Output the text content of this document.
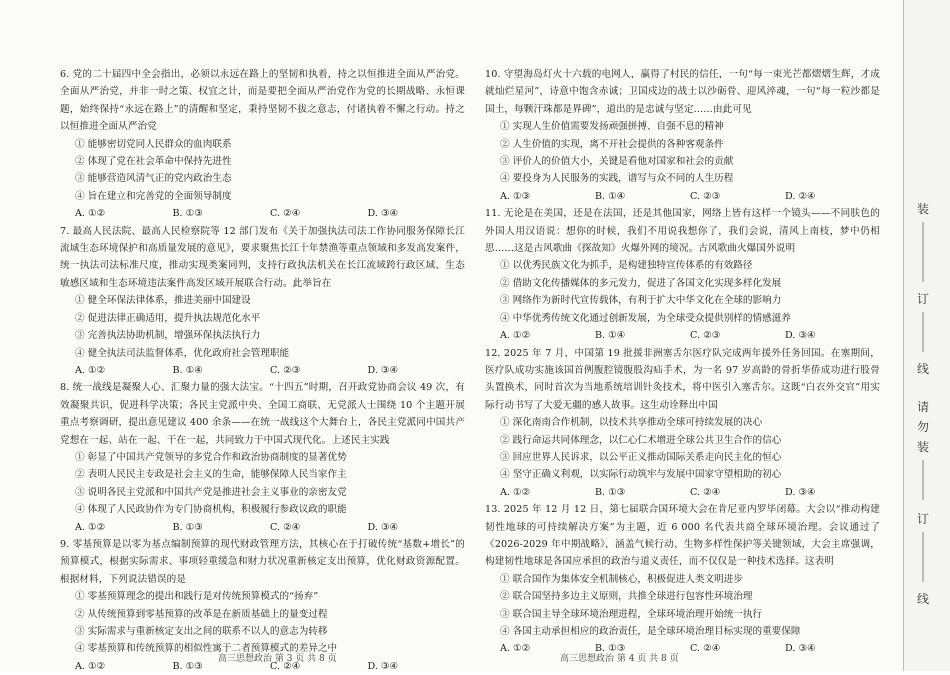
6. 党的二十届四中全会指出，必须以永远在路上的坚韧和执着，持之以恒推进全面从严治党。全面从严治党，并非一时之策、权宜之计，而是要把全面从严治党作为党的长期战略、永恒课题，始终保持“永远在路上”的清醒和坚定，秉持坚韧不拔之意志，付诸执着不懈之行动。持之以恒推进全面从严治党
① 能够密切党同人民群众的血肉联系
② 体现了党在社会革命中保持先进性
③ 能够营造风清气正的党内政治生态
④ 旨在建立和完善党的全面领导制度
A. ①②	B. ①③	C. ②④	D. ③④
7. 最高人民法院、最高人民检察院等 12 部门发布《关于加强执法司法工作协同服务保障长江流域生态环境保护和高质量发展的意见》，要求聚焦长江十年禁渔等重点领域和多发高发案件，统一执法司法标准尺度，推动实现类案同判，支持行政执法机关在长江流域跨行政区域、生态敏感区域和生态环境违法案件高发区域开展联合行动。此举旨在
① 健全环保法律体系，推进美丽中国建设
② 促进法律正确适用，提升执法规范化水平
③ 完善执法协助机制，增强环保执法执行力
④ 健全执法司法监督体系，优化政府社会管理职能
A. ①②	B. ①④	C. ②③	D. ③④
8. 统一战线是凝聚人心、汇聚力量的强大法宝。“十四五”时期，召开政党协商会议 49 次，有效凝聚共识，促进科学决策；各民主党派中央、全国工商联、无党派人士围绕 10 个主题开展重点考察调研，提出意见建议 400 余条——在统一战线这个大舞台上，各民主党派同中国共产党想在一起、站在一起、干在一起，共同致力于中国式现代化。上述民主实践
① 彰显了中国共产党领导的多党合作和政治协商制度的显著优势
② 表明人民民主专政是社会主义的生命，能够保障人民当家作主
③ 说明各民主党派和中国共产党是推进社会主义事业的亲密友党
④ 体现了人民政协作为专门协商机构，积极履行参政议政的职能
A. ①②	B. ①③	C. ②④	D. ③④
9. 零基预算是以零为基点编制预算的现代财政管理方法，其核心在于打破传统“基数+增长”的预算模式，根据实际需求、事项轻重缓急和财力状况重新核定支出预算，优化财政资源配置。根据材料，下列说法错误的是
① 零基预算理念的提出和践行是对传统预算模式的“扬弃”
② 从传统预算到零基预算的改革是在新质基础上的量变过程
③ 实际需求与重新核定支出之间的联系不以人的意志为转移
④ 零基预算和传统预算的相似性寓于二者预算模式的差异之中
A. ①②	B. ①③	C. ②④	D. ③④
10. 守望海岛灯火十六载的电网人，赢得了村民的信任，一句“每一束光芒都熠熠生辉，才成就灿烂星河”，诗意中饱含赤诚；卫国戍边的战士以沙砺骨、迎风淬魂，一句“每一粒沙都是国土，每颗汗珠都是界碑”，道出的是忠诚与坚定……由此可见
① 实现人生价值需要发扬顽强拼搏、自强不息的精神
② 人生价值的实现，离不开社会提供的各种客观条件
③ 评价人的价值大小，关键是看他对国家和社会的贡献
④ 要投身为人民服务的实践，谱写与众不同的人生历程
A. ①③	B. ①④	C. ②③	D. ②④
11. 无论是在美国，还是在法国，还是其他国家，网络上皆有这样一个镜头——不同肤色的外国人用汉语说：想你的时候，我们不用说我想你了，我们会说，清风上南枝，梦中仍相思……这是古风歌曲《探故知》火爆外网的境况。古风歌曲火爆国外说明
① 以优秀民族文化为抓手，是构建独特宣传体系的有效路径
② 借助文化传播媒体的多元发力，促进了各国文化实现多样化发展
③ 网络作为新时代宣传载体，有利于扩大中华文化在全球的影响力
④ 中华优秀传统文化通过创新发展，为全球受众提供别样的情感滋养
A. ①②	B. ①④	C. ②③	D. ③④
12. 2025 年 7 月，中国第 19 批援非洲塞舌尔医疗队完成两年援外任务回国。在塞期间，医疗队成功实施该国首例腹腔镜腹股沟疝手术，为一名 97 岁高龄的骨折华侨成功进行股骨头置换术，同时首次为当地系统培训针灸技术，将中医引入塞舌尔。这既“白衣外交官”用实际行动书写了大爱无疆的感人故事。这生动诠释出中国
① 深化南南合作机制，以技术共享推动全球可持续发展的决心
② 践行命运共同体理念，以仁心仁术增进全球公共卫生合作的信心
③ 回应世界人民诉求，以公平正义推动国际关系走向民主化的恒心
④ 坚守正确义利观，以实际行动筑牢与发展中国家守望相助的初心
A. ①②	B. ①③	C. ②④	D. ③④
13. 2025 年 12 月 12 日，第七届联合国环境大会在肯尼亚内罗毕闭幕。大会以“推动构建韧性地球的可持续解决方案”为主题，近 6 000 名代表共商全球环境治理。会议通过了《2026-2029 年中期战略》，涵盖气候行动、生物多样性保护等关键领域，大会主席强调，构建韧性地球是各国应承担的政治与道义责任，而不仅仅是一种技术选择。这表明
① 联合国作为集体安全机制核心，积极促进人类文明进步
② 联合国坚持多边主义原则，共推全球进行包容性环境治理
③ 联合国主导全球环境治理进程，全球环境治理开始统一执行
④ 各国主动承担相应的政治责任，是全球环境治理目标实现的重要保障
A. ①②	B. ①③	C. ②④	D. ③④
高三思想政治 第 3 页 共 8 页	高三思想政治 第 4 页 共 8 页
装
订
线
请
勿
装
订
线
